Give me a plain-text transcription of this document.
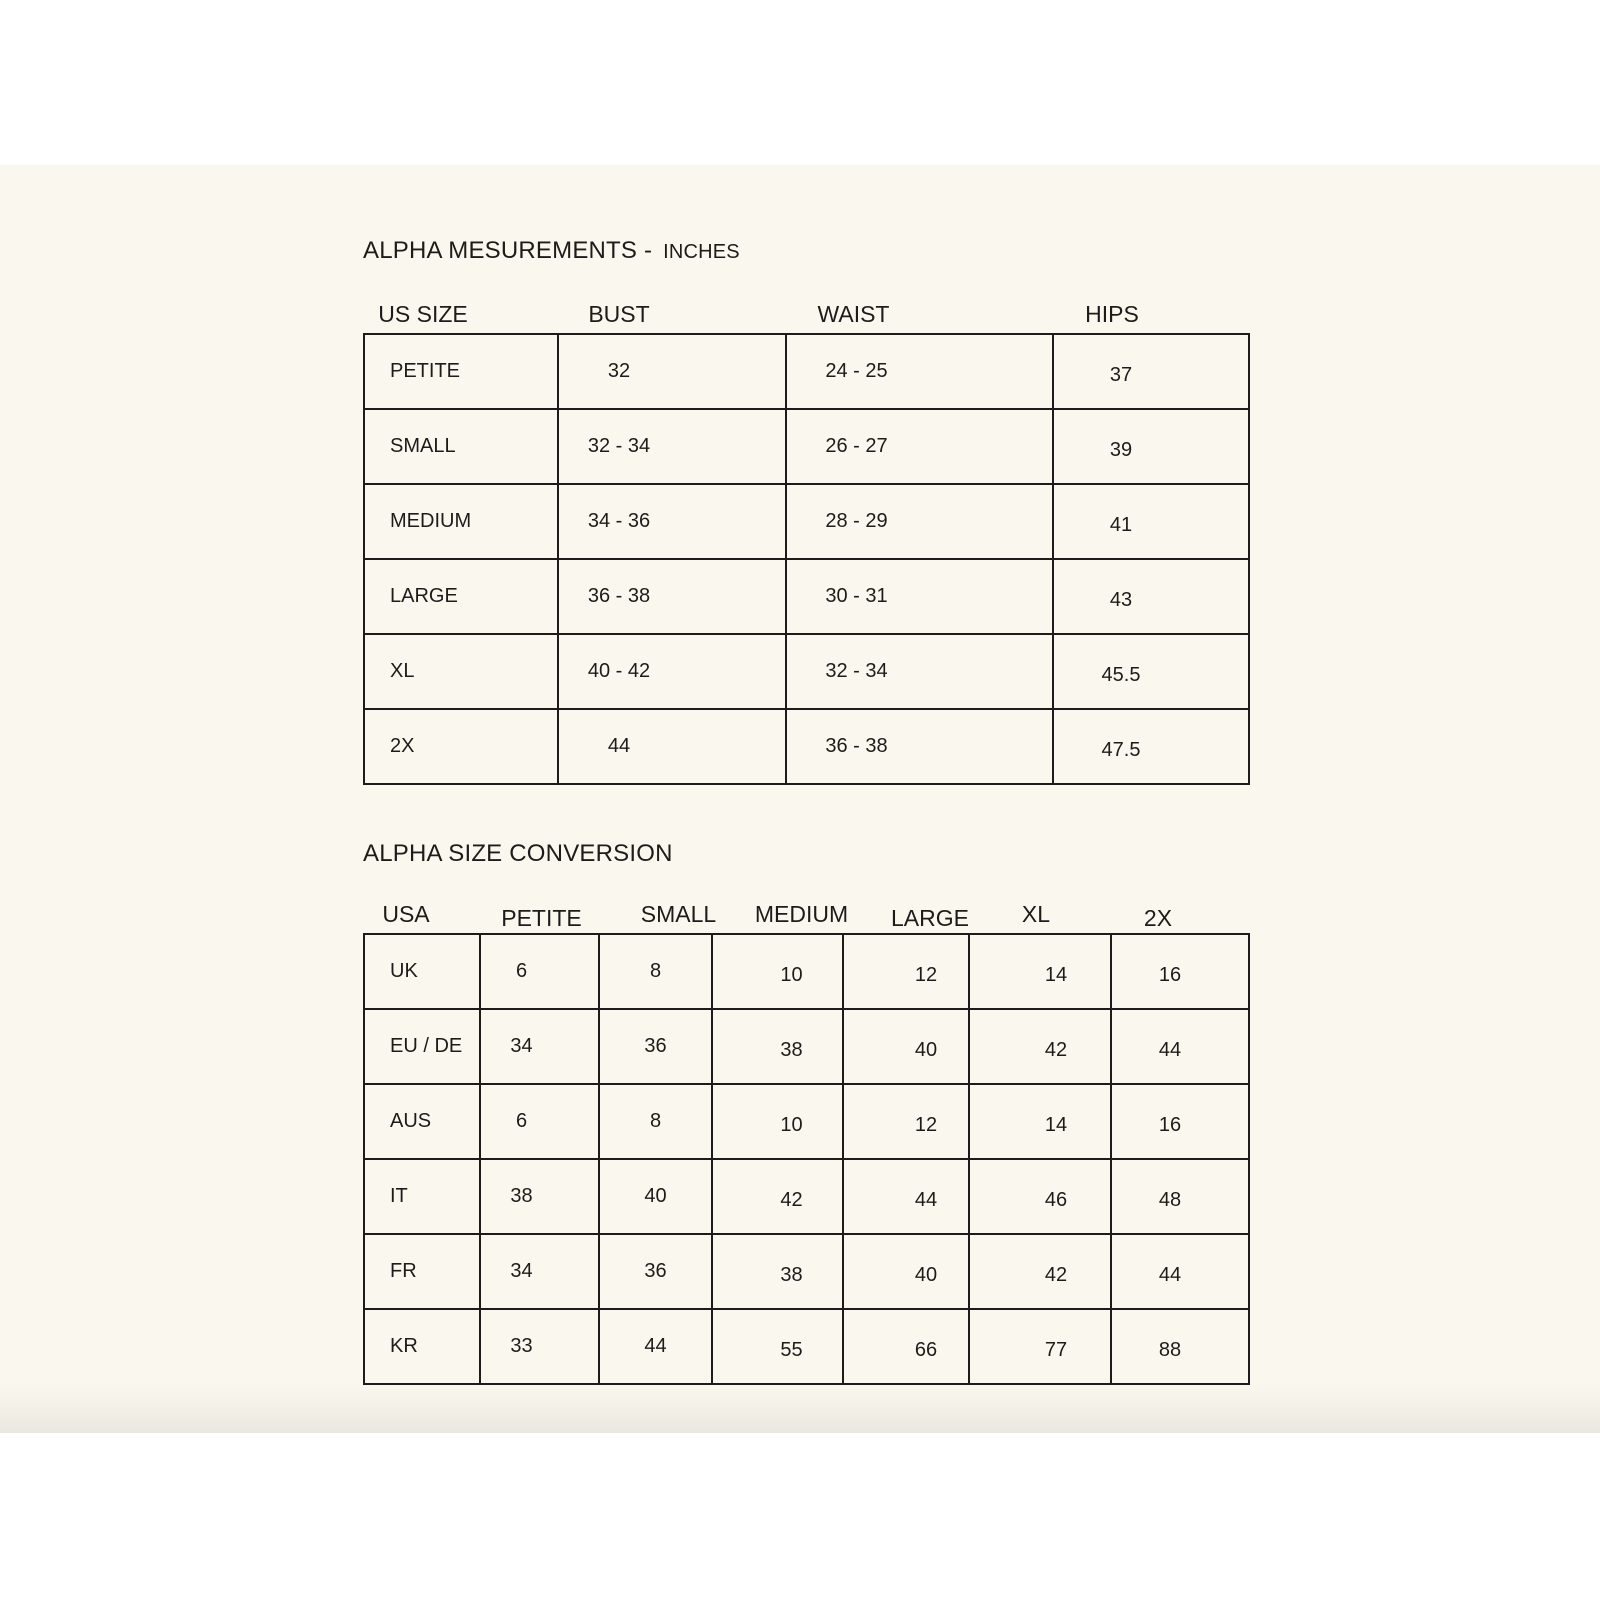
ALPHA MESUREMENTS - INCHES
US SIZE	BUST	WAIST	HIPS
PETITE	32	24 - 25	37
SMALL	32 - 34	26 - 27	39
MEDIUM	34 - 36	28 - 29	41
LARGE	36 - 38	30 - 31	43
XL	40 - 42	32 - 34	45.5
2X	44	36 - 38	47.5
ALPHA SIZE CONVERSION
USA	PETITE	SMALL	MEDIUM	LARGE	XL	2X
UK	6	8	10	12	14	16
EU / DE	34	36	38	40	42	44
AUS	6	8	10	12	14	16
IT	38	40	42	44	46	48
FR	34	36	38	40	42	44
KR	33	44	55	66	77	88
